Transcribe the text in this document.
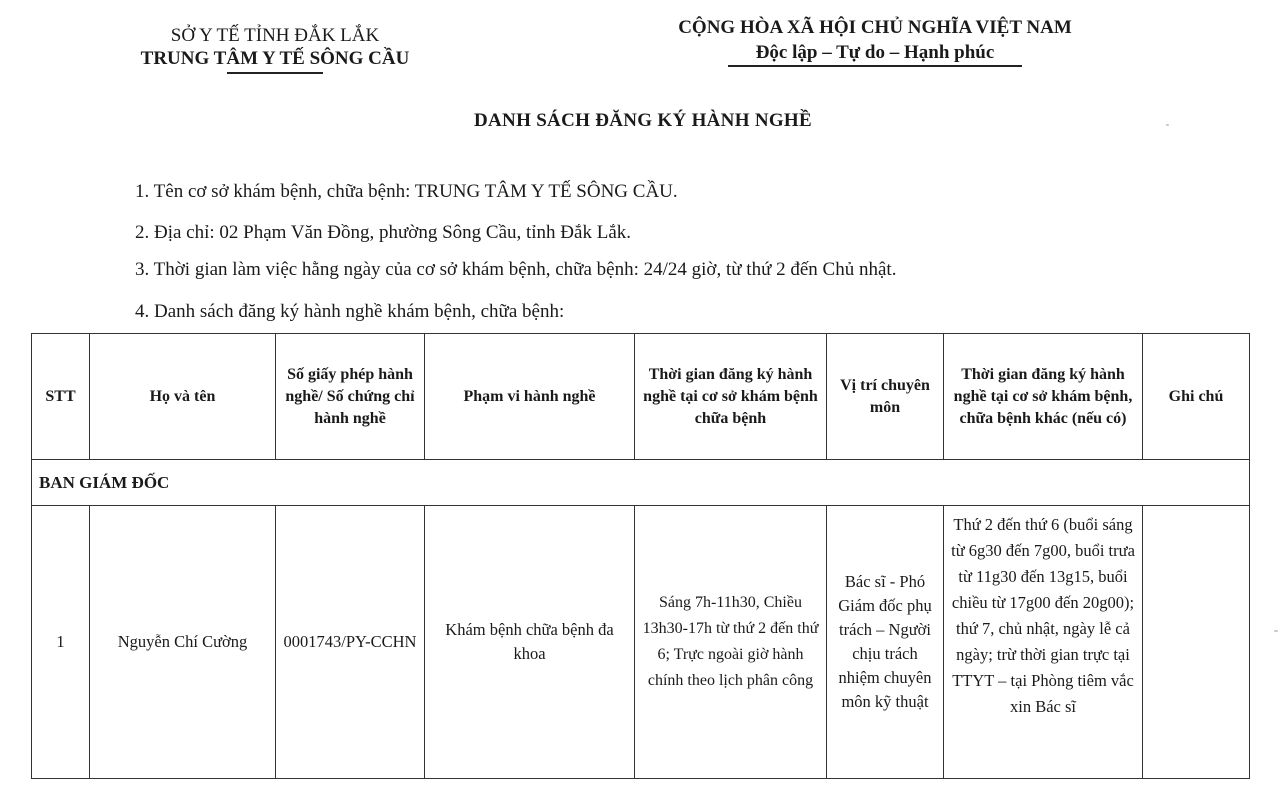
SỞ Y TẾ TỈNH ĐẮK LẮK
TRUNG TÂM Y TẾ SÔNG CẦU
CỘNG HÒA XÃ HỘI CHỦ NGHĨA VIỆT NAM
Độc lập – Tự do – Hạnh phúc
DANH SÁCH ĐĂNG KÝ HÀNH NGHỀ
1. Tên cơ sở khám bệnh, chữa bệnh: TRUNG TÂM Y TẾ SÔNG CẦU.
2. Địa chỉ: 02 Phạm Văn Đồng, phường Sông Cầu, tỉnh Đắk Lắk.
3. Thời gian làm việc hằng ngày của cơ sở khám bệnh, chữa bệnh: 24/24 giờ, từ thứ 2 đến Chủ nhật.
4. Danh sách đăng ký hành nghề khám bệnh, chữa bệnh:
STT	Họ và tên	Số giấy phép hành nghề/ Số chứng chỉ hành nghề	Phạm vi hành nghề	Thời gian đăng ký hành nghề tại cơ sở khám bệnh chữa bệnh	Vị trí chuyên môn	Thời gian đăng ký hành nghề tại cơ sở khám bệnh, chữa bệnh khác (nếu có)	Ghi chú
BAN GIÁM ĐỐC							
1	Nguyễn Chí Cường	0001743/PY-CCHN	Khám bệnh chữa bệnh đa khoa	Sáng 7h-11h30, Chiều 13h30-17h từ thứ 2 đến thứ 6; Trực ngoài giờ hành chính theo lịch phân công	Bác sĩ - Phó Giám đốc phụ trách – Người chịu trách nhiệm chuyên môn kỹ thuật	Thứ 2 đến thứ 6 (buổi sáng từ 6g30 đến 7g00, buổi trưa từ 11g30 đến 13g15, buổi chiều từ 17g00 đến 20g00); thứ 7, chủ nhật, ngày lễ cả ngày; trừ thời gian trực tại TTYT – tại Phòng tiêm vắc xin Bác sĩ	
